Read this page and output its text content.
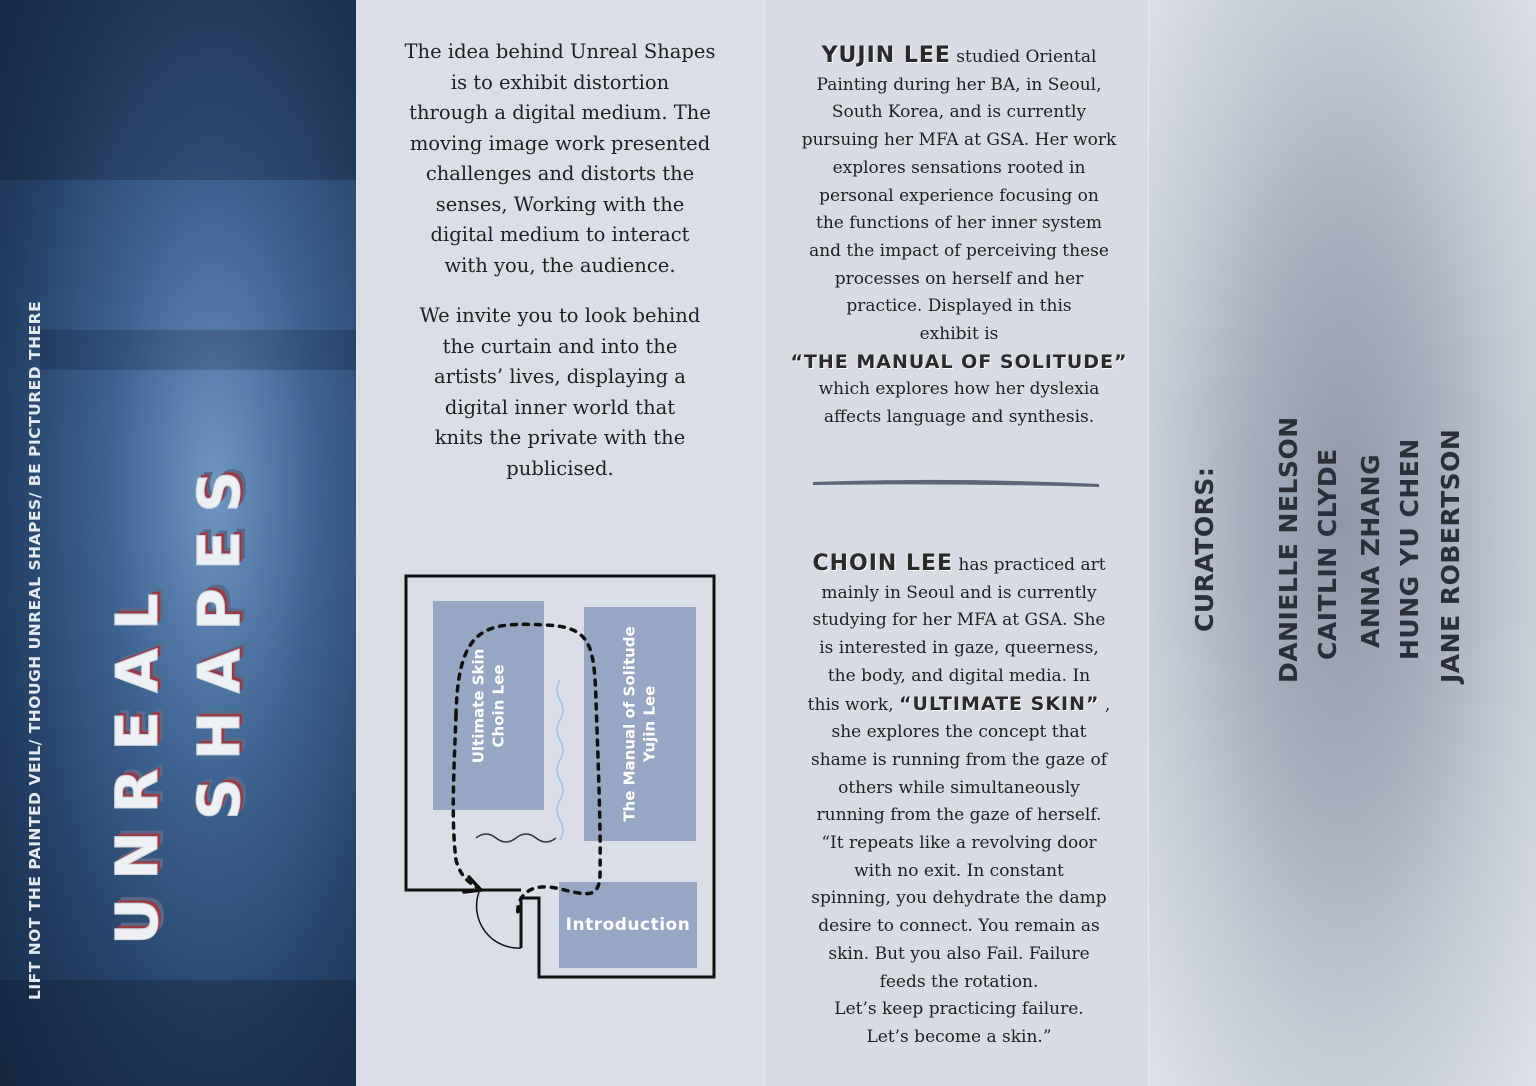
LIFT NOT THE PAINTED VEIL/ THOUGH UNREAL SHAPES/ BE PICTURED THERE UNREAL SHAPES
The idea behind Unreal Shapes
is to exhibit distortion
through a digital medium. The
moving image work presented
challenges and distorts the
senses, Working with the
digital medium to interact
with you, the audience.
We invite you to look behind
the curtain and into the
artists’ lives, displaying a
digital inner world that
knits the private with the
publicised.
Ultimate Skin Choin Lee	The Manual of Solitude Yujin Lee
Introduction
YUJIN LEE studied Oriental
Painting during her BA, in Seoul,
South Korea, and is currently
pursuing her MFA at GSA. Her work
explores sensations rooted in
personal experience focusing on
the functions of her inner system
and the impact of perceiving these
processes on herself and her
practice. Displayed in this
exhibit is
“THE MANUAL OF SOLITUDE”
which explores how her dyslexia
affects language and synthesis.
CHOIN LEE has practiced art
mainly in Seoul and is currently
studying for her MFA at GSA. She
is interested in gaze, queerness,
the body, and digital media. In
this work, “ULTIMATE SKIN” ,
she explores the concept that
shame is running from the gaze of
others while simultaneously
running from the gaze of herself.
“It repeats like a revolving door
with no exit. In constant
spinning, you dehydrate the damp
desire to connect. You remain as
skin. But you also Fail. Failure
feeds the rotation.
Let’s keep practicing failure.
Let’s become a skin.”
CURATORS: DANIELLE NELSON CAITLIN CLYDE ANNA ZHANG HUNG YU CHEN JANE ROBERTSON
